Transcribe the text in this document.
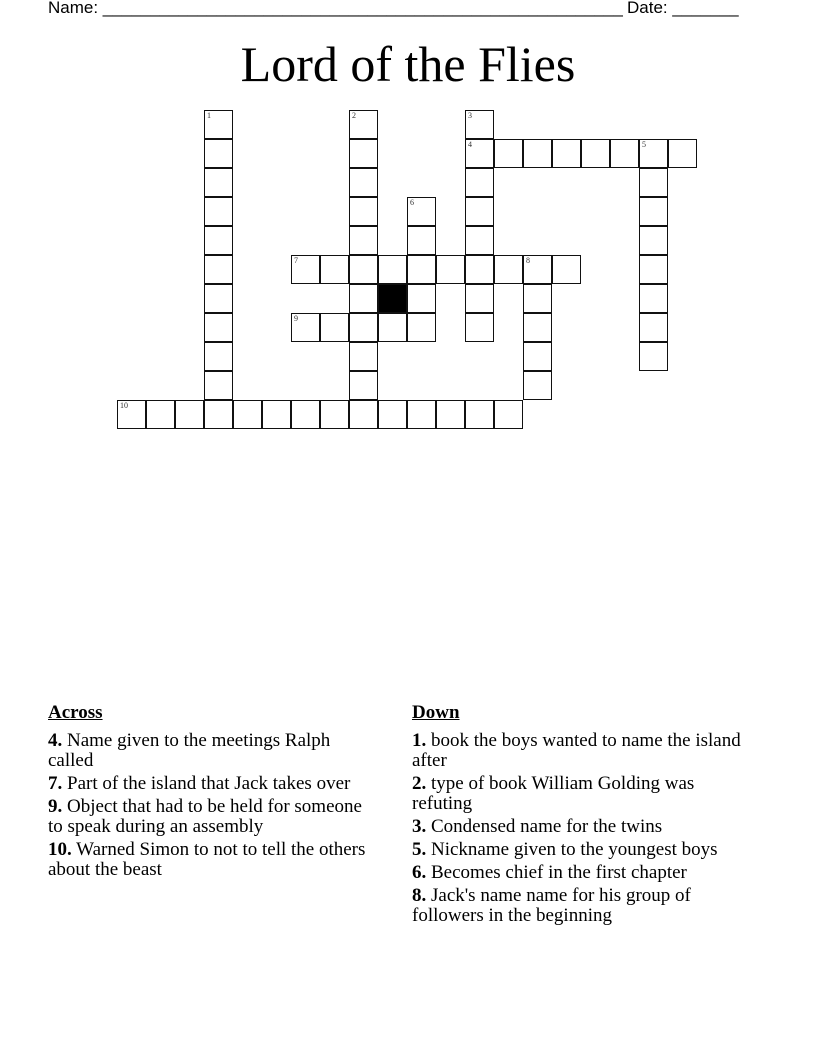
Name: _______________________________________________________ Date: _______
Lord of the Flies
1	2	3
4	5
6
7	8
9
10
Across
4. Name given to the meetings Ralph called
7. Part of the island that Jack takes over
9. Object that had to be held for someone to speak during an assembly
10. Warned Simon to not to tell the others about the beast
Down
1. book the boys wanted to name the island after
2. type of book William Golding was refuting
3. Condensed name for the twins
5. Nickname given to the youngest boys
6. Becomes chief in the first chapter
8. Jack's name name for his group of followers in the beginning
